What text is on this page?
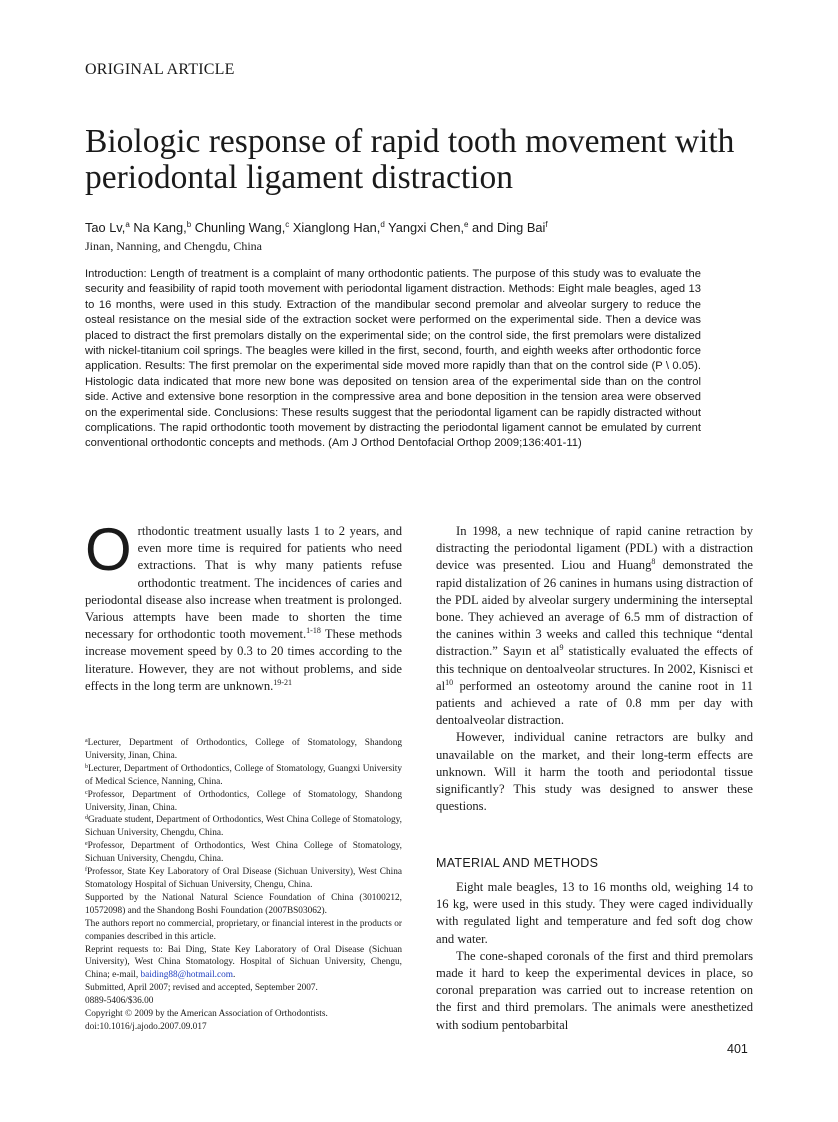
ORIGINAL ARTICLE
Biologic response of rapid tooth movement with periodontal ligament distraction
Tao Lv,$^a$ Na Kang,$^b$ Chunling Wang,$^c$ Xianglong Han,$^d$ Yangxi Chen,$^e$ and Ding Bai$^f$
Jinan, Nanning, and Chengdu, China

Introduction: Length of treatment is a complaint of many orthodontic patients. The purpose of this study was to evaluate the security and feasibility of rapid tooth movement with periodontal ligament distraction. Methods: Eight male beagles, aged 13 to 16 months, were used in this study. Extraction of the mandibular second premolar and alveolar surgery to reduce the osteal resistance on the mesial side of the extraction socket were performed on the experimental side. Then a device was placed to distract the first premolars distally on the experimental side; on the control side, the first premolars were distalized with nickel-titanium coil springs. The beagles were killed in the first, second, fourth, and eighth weeks after orthodontic force application. Results: The first premolar on the experimental side moved more rapidly than that on the control side (P \ 0.05). Histologic data indicated that more new bone was deposited on tension area of the experimental side than on the control side. Active and extensive bone resorption in the compressive area and bone deposition in the tension area were observed on the experimental side. Conclusions: These results suggest that the periodontal ligament can be rapidly distracted without complications. The rapid orthodontic tooth movement by distracting the periodontal ligament cannot be emulated by current conventional orthodontic concepts and methods. (Am J Orthod Dentofacial Orthop 2009;136:401-11)

Orthodontic treatment usually lasts 1 to 2 years, and even more time is required for patients who need extractions. That is why many patients refuse orthodontic treatment. The incidences of caries and periodontal disease also increase when treatment is prolonged. Various attempts have been made to shorten the time necessary for orthodontic tooth movement.$^{1-18}$ These methods increase movement speed by 0.3 to 20 times according to the literature. However, they are not without problems, and side effects in the long term are unknown.$^{19-21}$

$^a$Lecturer, Department of Orthodontics, College of Stomatology, Shandong University, Jinan, China.
$^b$Lecturer, Department of Orthodontics, College of Stomatology, Guangxi University of Medical Science, Nanning, China.
$^c$Professor, Department of Orthodontics, College of Stomatology, Shandong University, Jinan, China.
$^d$Graduate student, Department of Orthodontics, West China College of Stomatology, Sichuan University, Chengdu, China.
$^e$Professor, Department of Orthodontics, West China College of Stomatology, Sichuan University, Chengdu, China.
$^f$Professor, State Key Laboratory of Oral Disease (Sichuan University), West China Stomatology Hospital of Sichuan University, Chengu, China.
Supported by the National Natural Science Foundation of China (30100212, 10572098) and the Shandong Boshi Foundation (2007BS03062).
The authors report no commercial, proprietary, or financial interest in the products or companies described in this article.
Reprint requests to: Bai Ding, State Key Laboratory of Oral Disease (Sichuan University), West China Stomatology. Hospital of Sichuan University, Chengu, China; e-mail, baiding88@hotmail.com.
Submitted, April 2007; revised and accepted, September 2007.
0889-5406/$36.00
Copyright © 2009 by the American Association of Orthodontists.
doi:10.1016/j.ajodo.2007.09.017

In 1998, a new technique of rapid canine retraction by distracting the periodontal ligament (PDL) with a distraction device was presented. Liou and Huang$^8$ demonstrated the rapid distalization of 26 canines in humans using distraction of the PDL aided by alveolar surgery undermining the interseptal bone. They achieved an average of 6.5 mm of distraction of the canines within 3 weeks and called this technique “dental distraction.” Sayın et $al^9$ statistically evaluated the effects of this technique on dentoalveolar structures. In 2002, Kisnisci et $al^{10}$ performed an osteotomy around the canine root in 11 patients and achieved a rate of 0.8 mm per day with dentoalveolar distraction.

However, individual canine retractors are bulky and unavailable on the market, and their long-term effects are unknown. Will it harm the tooth and periodontal tissue significantly? This study was designed to answer these questions.

MATERIAL AND METHODS

Eight male beagles, 13 to 16 months old, weighing 14 to 16 kg, were used in this study. They were caged individually with regulated light and temperature and fed soft dog chow and water.

The cone-shaped coronals of the first and third premolars made it hard to keep the experimental devices in place, so coronal preparation was carried out to increase retention on the first and third premolars. The animals were anesthetized with sodium pentobarbital

401
